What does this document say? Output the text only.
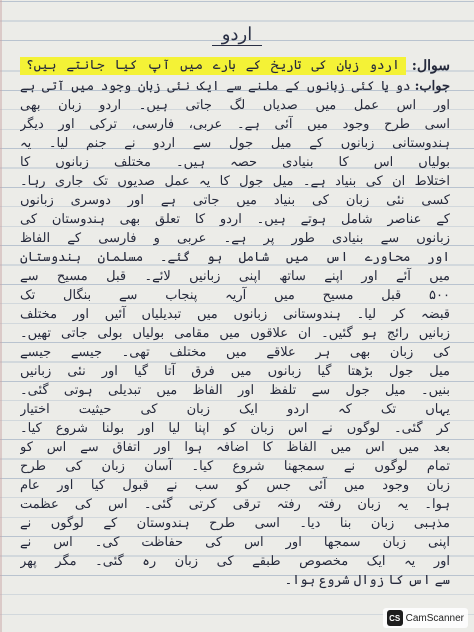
اردو
سوال:
اردو زبان کی تاریخ کے بارے میں آپ کیا جانتے ہیں؟
جواب:دو یا کئی زبانوں کے ملنے سے ایک نئی زبان وجود میں آتی ہے
اور اس عمل میں صدیاں لگ جاتی ہیں۔ اردو زبان بھی
اسی طرح وجود میں آئی ہے۔ عربی، فارسی، ترکی اور دیگر
ہندوستانی زبانوں کے میل جول سے اردو نے جنم لیا۔ یہ
بولیاں اس کا بنیادی حصہ ہیں۔ مختلف زبانوں کا
اختلاط ان کی بنیاد ہے۔ میل جول کا یہ عمل صدیوں تک جاری رہا۔
کسی نئی زبان کی بنیاد میں جاتی ہے اور دوسری زبانوں
کے عناصر شامل ہوتے ہیں۔ اردو کا تعلق بھی ہندوستان کی
زبانوں سے بنیادی طور پر ہے۔ عربی و فارسی کے الفاظ
اور محاورے اس میں شامل ہو گئے۔ مسلمان ہندوستان
میں آئے اور اپنے ساتھ اپنی زبانیں لائے۔ قبل مسیح سے
۵۰۰ قبل مسیح میں آریہ پنجاب سے بنگال تک
قبضہ کر لیا۔ ہندوستانی زبانوں میں تبدیلیاں آئیں اور مختلف
زبانیں رائج ہو گئیں۔ ان علاقوں میں مقامی بولیاں بولی جاتی تھیں۔
کی زبان بھی ہر علاقے میں مختلف تھی۔ جیسے جیسے
میل جول بڑھتا گیا زبانوں میں فرق آتا گیا اور نئی زبانیں
بنیں۔ میل جول سے تلفظ اور الفاظ میں تبدیلی ہوتی گئی۔
یہاں تک کہ اردو ایک زبان کی حیثیت اختیار
کر گئی۔ لوگوں نے اس زبان کو اپنا لیا اور بولنا شروع کیا۔
بعد میں اس میں الفاظ کا اضافہ ہوا اور اتفاق سے اس کو
تمام لوگوں نے سمجھنا شروع کیا۔ آسان زبان کی طرح
زبان وجود میں آئی جس کو سب نے قبول کیا اور عام
ہوا۔ یہ زبان رفتہ رفتہ ترقی کرتی گئی۔ اس کی عظمت
مذہبی زبان بنا دیا۔ اسی طرح ہندوستان کے لوگوں نے
اپنی زبان سمجھا اور اس کی حفاظت کی۔ اس نے
اور یہ ایک مخصوص طبقے کی زبان رہ گئی۔ مگر پھر
سے اس کا زوال شروع ہوا۔
CS CamScanner
